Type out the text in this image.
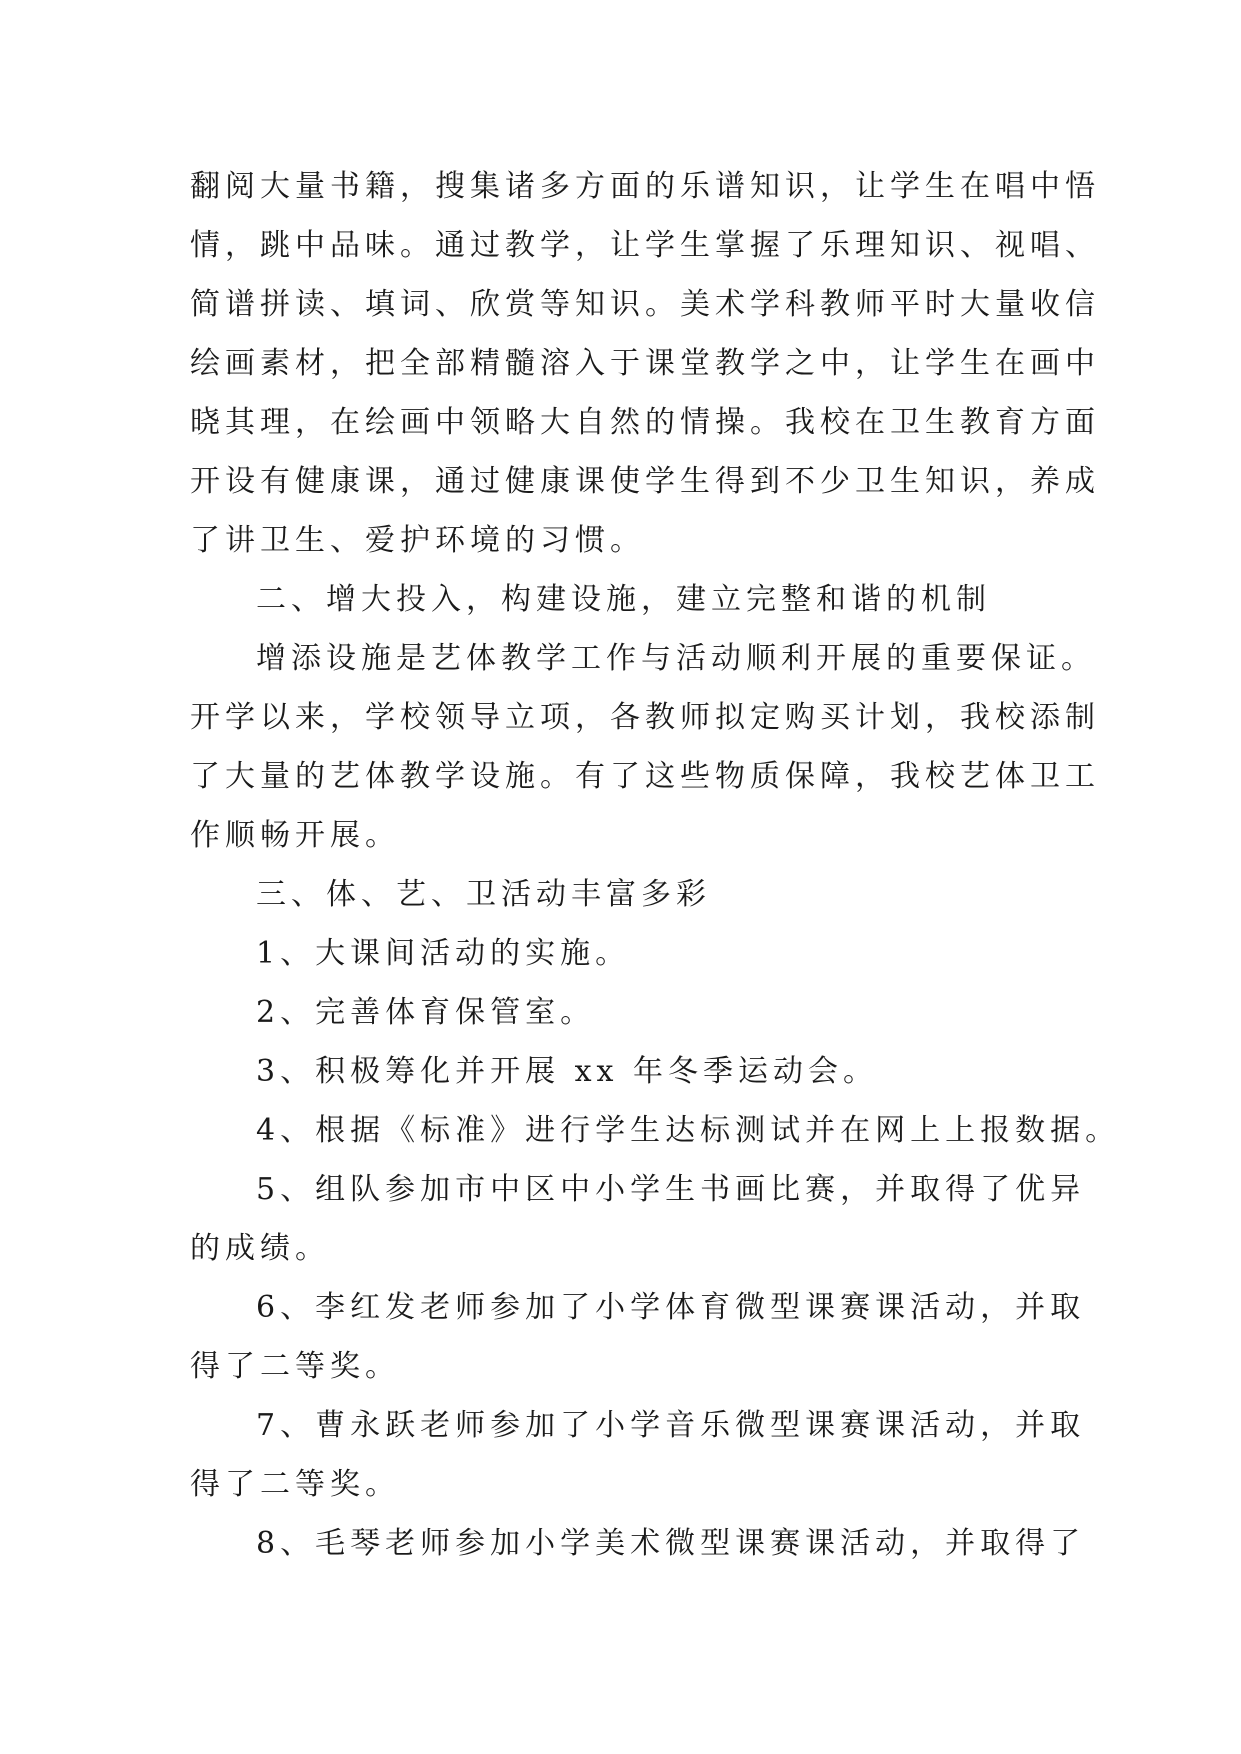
翻阅大量书籍，搜集诸多方面的乐谱知识，让学生在唱中悟
情，跳中品味。通过教学，让学生掌握了乐理知识、视唱、
简谱拼读、填词、欣赏等知识。美术学科教师平时大量收信
绘画素材，把全部精髓溶入于课堂教学之中，让学生在画中
晓其理，在绘画中领略大自然的情操。我校在卫生教育方面
开设有健康课，通过健康课使学生得到不少卫生知识，养成
了讲卫生、爱护环境的习惯。
二、增大投入，构建设施，建立完整和谐的机制
增添设施是艺体教学工作与活动顺利开展的重要保证。
开学以来，学校领导立项，各教师拟定购买计划，我校添制
了大量的艺体教学设施。有了这些物质保障，我校艺体卫工
作顺畅开展。
三、体、艺、卫活动丰富多彩
1、大课间活动的实施。
2、完善体育保管室。
3、积极筹化并开展 xx 年冬季运动会。
4、根据《标准》进行学生达标测试并在网上上报数据。
5、组队参加市中区中小学生书画比赛，并取得了优异
的成绩。
6、李红发老师参加了小学体育微型课赛课活动，并取
得了二等奖。
7、曹永跃老师参加了小学音乐微型课赛课活动，并取
得了二等奖。
8、毛琴老师参加小学美术微型课赛课活动，并取得了
